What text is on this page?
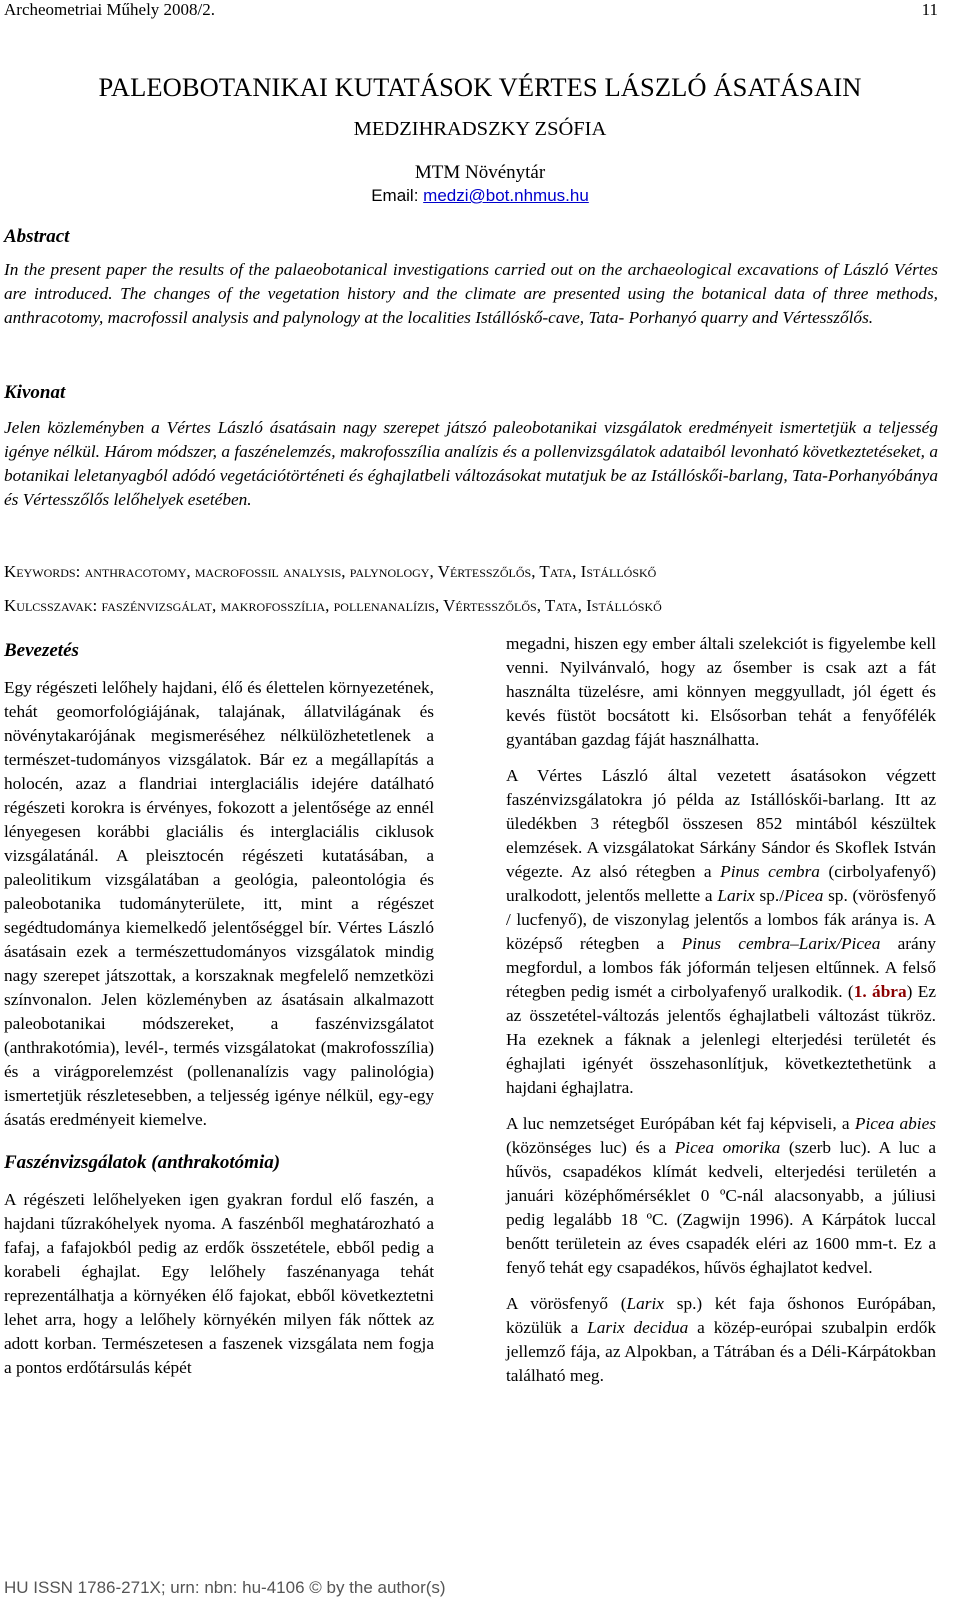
Archeometriai Műhely 2008/2.	11
PALEOBOTANIKAI KUTATÁSOK VÉRTES LÁSZLÓ ÁSATÁSAIN
MEDZIHRADSZKY ZSÓFIA
MTM Növénytár
Email: medzi@bot.nhmus.hu
Abstract

In the present paper the results of the palaeobotanical investigations carried out on the archaeological excavations of László Vértes are introduced. The changes of the vegetation history and the climate are presented using the botanical data of three methods, anthracotomy, macrofossil analysis and palynology at the localities Istállóskő-cave, Tata- Porhanyó quarry and Vértesszőlős.

Kivonat

Jelen közleményben a Vértes László ásatásain nagy szerepet játszó paleobotanikai vizsgálatok eredményeit ismertetjük a teljesség igénye nélkül. Három módszer, a faszénelemzés, makrofosszília analízis és a pollenvizsgálatok adataiból levonható következtetéseket, a botanikai leletanyagból adódó vegetációtörténeti és éghajlatbeli változásokat mutatjuk be az Istállóskői-barlang, Tata-Porhanyóbánya és Vértesszőlős lelőhelyek esetében.

Keywords: anthracotomy, macrofossil analysis, palynology, Vértesszőlős, Tata, Istállóskő
Kulcsszavak: faszénvizsgálat, makrofosszília, pollenanalízis, Vértesszőlős, Tata, Istállóskő
Bevezetés

Egy régészeti lelőhely hajdani, élő és élettelen környezetének, tehát geomorfológiájának, talajának, állatvilágának és növénytakarójának megismeréséhez nélkülözhetetlenek a természet-tudományos vizsgálatok. Bár ez a megállapítás a holocén, azaz a flandriai interglaciális idejére datálható régészeti korokra is érvényes, fokozott a jelentősége az ennél lényegesen korábbi glaciális és interglaciális ciklusok vizsgálatánál. A pleisztocén régészeti kutatásában, a paleolitikum vizsgálatában a geológia, paleontológia és paleobotanika tudományterülete, itt, mint a régészet segédtudománya kiemelkedő jelentőséggel bír. Vértes László ásatásain ezek a természettudományos vizsgálatok mindig nagy szerepet játszottak, a korszaknak megfelelő nemzetközi színvonalon. Jelen közleményben az ásatásain alkalmazott paleobotanikai módszereket, a faszénvizsgálatot (anthrakotómia), levél-, termés vizsgálatokat (makrofosszília) és a virágporelemzést (pollenanalízis vagy palinológia) ismertetjük részletesebben, a teljesség igénye nélkül, egy-egy ásatás eredményeit kiemelve.

Faszénvizsgálatok (anthrakotómia)

A régészeti lelőhelyeken igen gyakran fordul elő faszén, a hajdani tűzrakóhelyek nyoma. A faszénből meghatározható a fafaj, a fafajokból pedig az erdők összetétele, ebből pedig a korabeli éghajlat. Egy lelőhely faszénanyaga tehát reprezentálhatja a környéken élő fajokat, ebből következtetni lehet arra, hogy a lelőhely környékén milyen fák nőttek az adott korban. Természetesen a faszenek vizsgálata nem fogja a pontos erdőtársulás képét

megadni, hiszen egy ember általi szelekciót is figyelembe kell venni. Nyilvánvaló, hogy az ősember is csak azt a fát használta tüzelésre, ami könnyen meggyulladt, jól égett és kevés füstöt bocsátott ki. Elsősorban tehát a fenyőfélék gyantában gazdag fáját használhatta.

A Vértes László által vezetett ásatásokon végzett faszénvizsgálatokra jó példa az Istállóskői-barlang. Itt az üledékben 3 rétegből összesen 852 mintából készültek elemzések. A vizsgálatokat Sárkány Sándor és Skoflek István végezte. Az alsó rétegben a Pinus cembra (cirbolyafenyő) uralkodott, jelentős mellette a Larix sp./Picea sp. (vörösfenyő / lucfenyő), de viszonylag jelentős a lombos fák aránya is. A középső rétegben a Pinus cembra–Larix/Picea arány megfordul, a lombos fák jóformán teljesen eltűnnek. A felső rétegben pedig ismét a cirbolyafenyő uralkodik. (1. ábra) Ez az összetétel-változás jelentős éghajlatbeli változást tükröz. Ha ezeknek a fáknak a jelenlegi elterjedési területét és éghajlati igényét összehasonlítjuk, következtethetünk a hajdani éghajlatra.

A luc nemzetséget Európában két faj képviseli, a Picea abies (közönséges luc) és a Picea omorika (szerb luc). A luc a hűvös, csapadékos klímát kedveli, elterjedési területén a januári középhőmérséklet 0 ºC-nál alacsonyabb, a júliusi pedig legalább 18 ºC. (Zagwijn 1996). A Kárpátok luccal benőtt területein az éves csapadék eléri az 1600 mm-t. Ez a fenyő tehát egy csapadékos, hűvös éghajlatot kedvel.

A vörösfenyő (Larix sp.) két faja őshonos Európában, közülük a Larix decidua a közép-európai szubalpin erdők jellemző fája, az Alpokban, a Tátrában és a Déli-Kárpátokban található meg.

HU ISSN 1786-271X; urn: nbn: hu-4106 © by the author(s)
